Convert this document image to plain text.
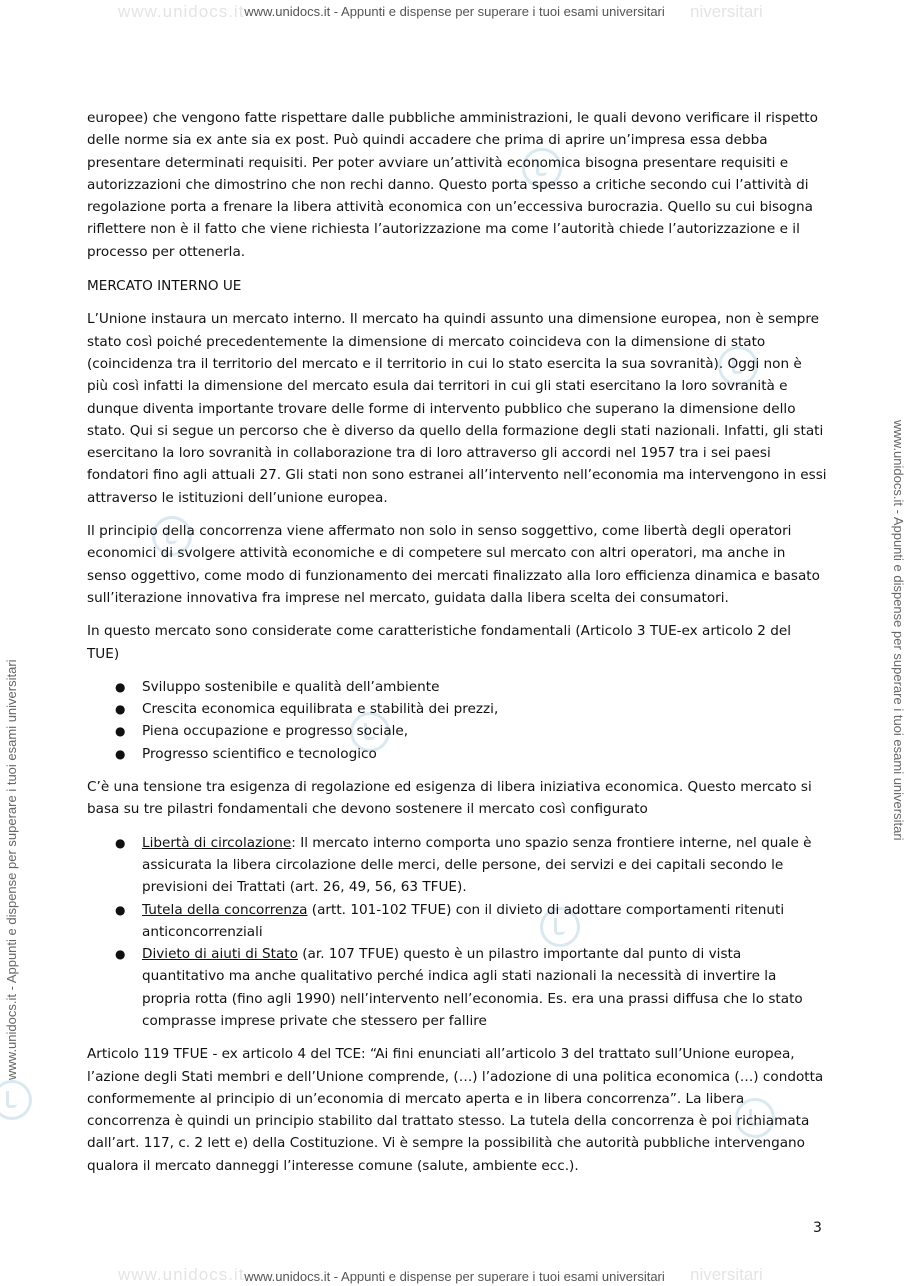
www.unidocs.it	niversitari
www.unidocs.it - Appunti e dispense per superare i tuoi esami universitari
www.unidocs.it - Appunti e dispense per superare i tuoi esami universitari
www.unidocs.it - Appunti e dispense per superare i tuoi esami universitari
www.unidocs.it	niversitari
www.unidocs.it - Appunti e dispense per superare i tuoi esami universitari

europee) che vengono fatte rispettare dalle pubbliche amministrazioni, le quali devono verificare il rispetto delle norme sia ex ante sia ex post. Può quindi accadere che prima di aprire un’impresa essa debba presentare determinati requisiti. Per poter avviare un’attività economica bisogna presentare requisiti e autorizzazioni che dimostrino che non rechi danno. Questo porta spesso a critiche secondo cui l’attività di regolazione porta a frenare la libera attività economica con un’eccessiva burocrazia. Quello su cui bisogna riflettere non è il fatto che viene richiesta l’autorizzazione ma come l’autorità chiede l’autorizzazione e il processo per ottenerla.

MERCATO INTERNO UE

L’Unione instaura un mercato interno. Il mercato ha quindi assunto una dimensione europea, non è sempre stato così poiché precedentemente la dimensione di mercato coincideva con la dimensione di stato (coincidenza tra il territorio del mercato e il territorio in cui lo stato esercita la sua sovranità). Oggi non è più così infatti la dimensione del mercato esula dai territori in cui gli stati esercitano la loro sovranità e dunque diventa importante trovare delle forme di intervento pubblico che superano la dimensione dello stato. Qui si segue un percorso che è diverso da quello della formazione degli stati nazionali. Infatti, gli stati esercitano la loro sovranità in collaborazione tra di loro attraverso gli accordi nel 1957 tra i sei paesi fondatori fino agli attuali 27. Gli stati non sono estranei all’intervento nell’economia ma intervengono in essi attraverso le istituzioni dell’unione europea.

Il principio della concorrenza viene affermato non solo in senso soggettivo, come libertà degli operatori economici di svolgere attività economiche e di competere sul mercato con altri operatori, ma anche in senso oggettivo, come modo di funzionamento dei mercati finalizzato alla loro efficienza dinamica e basato sull’iterazione innovativa fra imprese nel mercato, guidata dalla libera scelta dei consumatori.

In questo mercato sono considerate come caratteristiche fondamentali (Articolo 3 TUE-ex articolo 2 del TUE)

● Sviluppo sostenibile e qualità dell’ambiente
● Crescita economica equilibrata e stabilità dei prezzi,
● Piena occupazione e progresso sociale,
● Progresso scientifico e tecnologico

C’è una tensione tra esigenza di regolazione ed esigenza di libera iniziativa economica. Questo mercato si basa su tre pilastri fondamentali che devono sostenere il mercato così configurato

● Libertà di circolazione: Il mercato interno comporta uno spazio senza frontiere interne, nel quale è assicurata la libera circolazione delle merci, delle persone, dei servizi e dei capitali secondo le previsioni dei Trattati (art. 26, 49, 56, 63 TFUE).
● Tutela della concorrenza (artt. 101-102 TFUE) con il divieto di adottare comportamenti ritenuti anticoncorrenziali
● Divieto di aiuti di Stato (ar. 107 TFUE) questo è un pilastro importante dal punto di vista quantitativo ma anche qualitativo perché indica agli stati nazionali la necessità di invertire la propria rotta (fino agli 1990) nell’intervento nell’economia. Es. era una prassi diffusa che lo stato comprasse imprese private che stessero per fallire

Articolo 119 TFUE - ex articolo 4 del TCE: “Ai fini enunciati all’articolo 3 del trattato sull’Unione europea, l’azione degli Stati membri e dell’Unione comprende, (…) l’adozione di una politica economica (…) condotta conformemente al principio di un’economia di mercato aperta e in libera concorrenza”. La libera concorrenza è quindi un principio stabilito dal trattato stesso. La tutela della concorrenza è poi richiamata dall’art. 117, c. 2 lett e) della Costituzione. Vi è sempre la possibilità che autorità pubbliche intervengano qualora il mercato danneggi l’interesse comune (salute, ambiente ecc.).

3
